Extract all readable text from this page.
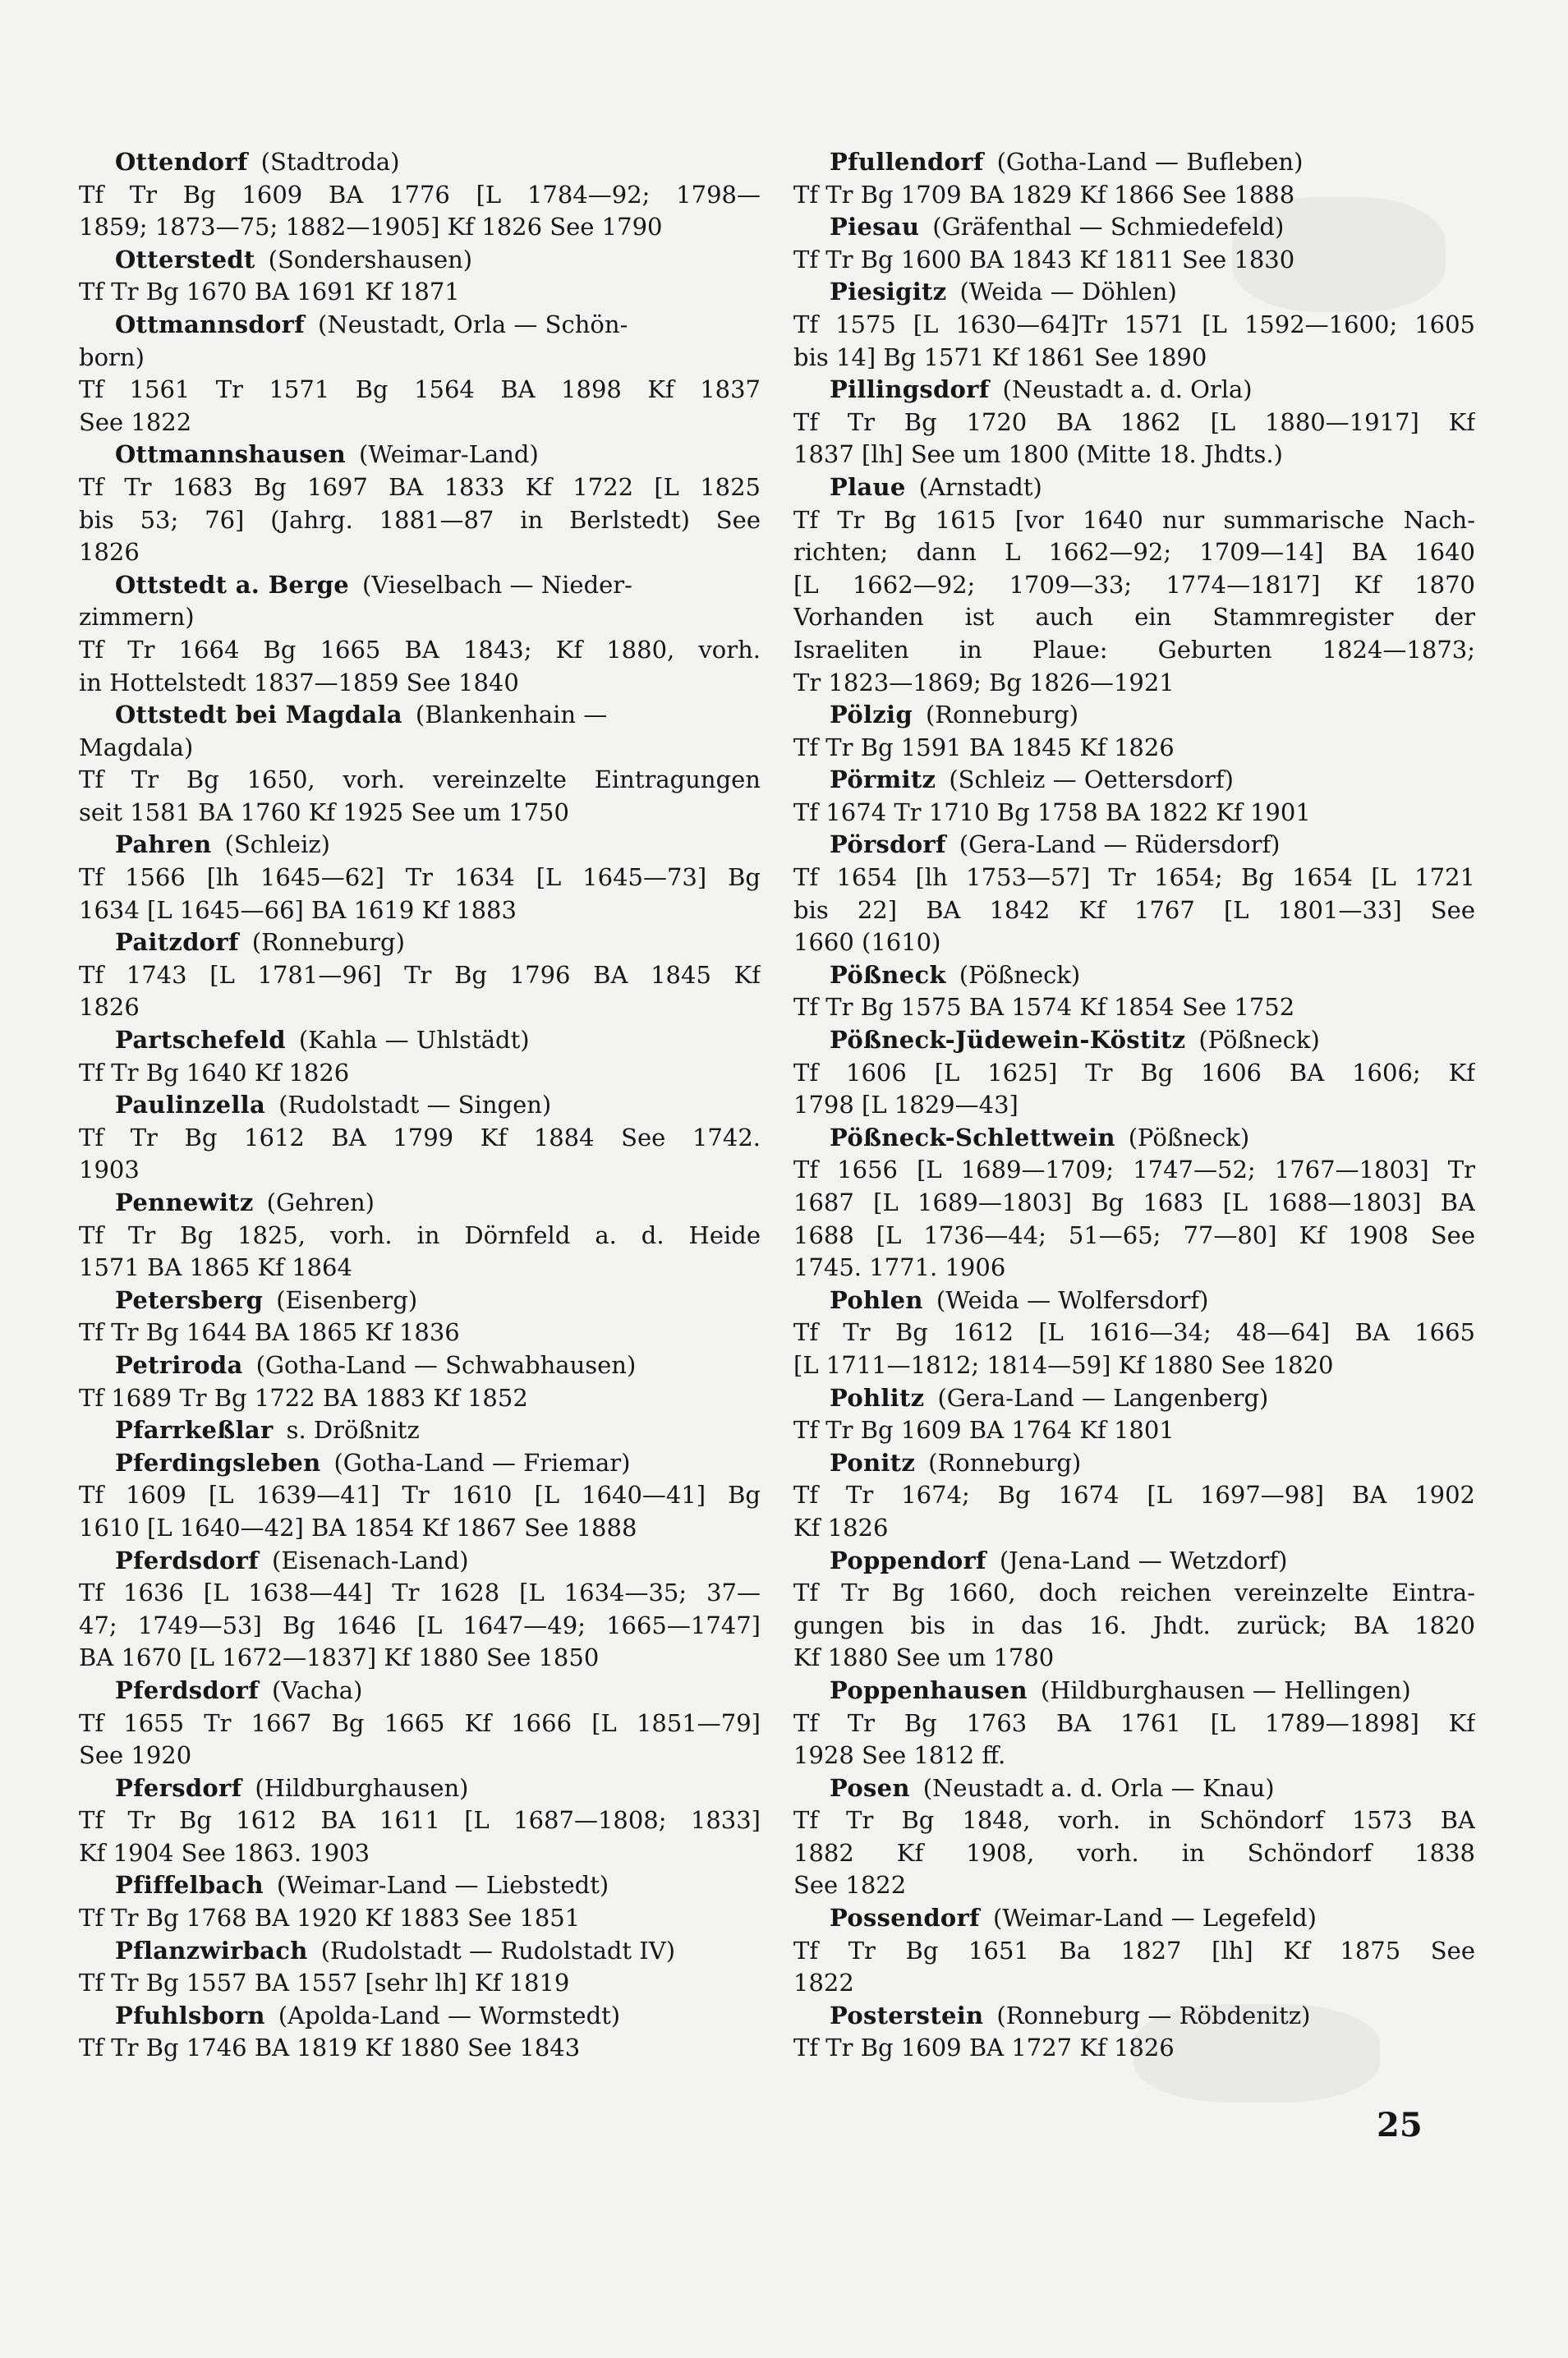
Ottendorf (Stadtroda)
Tf Tr Bg 1609 BA 1776 [L 1784—92; 1798—
1859; 1873—75; 1882—1905] Kf 1826 See 1790
Otterstedt (Sondershausen)
Tf Tr Bg 1670 BA 1691 Kf 1871
Ottmannsdorf (Neustadt, Orla — Schön-
born)
Tf 1561 Tr 1571 Bg 1564 BA 1898 Kf 1837
See 1822
Ottmannshausen (Weimar-Land)
Tf Tr 1683 Bg 1697 BA 1833 Kf 1722 [L 1825
bis 53; 76] (Jahrg. 1881—87 in Berlstedt) See
1826
Ottstedt a. Berge (Vieselbach — Nieder-
zimmern)
Tf Tr 1664 Bg 1665 BA 1843; Kf 1880, vorh.
in Hottelstedt 1837—1859 See 1840
Ottstedt bei Magdala (Blankenhain —
Magdala)
Tf Tr Bg 1650, vorh. vereinzelte Eintragungen
seit 1581 BA 1760 Kf 1925 See um 1750
Pahren (Schleiz)
Tf 1566 [lh 1645—62] Tr 1634 [L 1645—73] Bg
1634 [L 1645—66] BA 1619 Kf 1883
Paitzdorf (Ronneburg)
Tf 1743 [L 1781—96] Tr Bg 1796 BA 1845 Kf
1826
Partschefeld (Kahla — Uhlstädt)
Tf Tr Bg 1640 Kf 1826
Paulinzella (Rudolstadt — Singen)
Tf Tr Bg 1612 BA 1799 Kf 1884 See 1742.
1903
Pennewitz (Gehren)
Tf Tr Bg 1825, vorh. in Dörnfeld a. d. Heide
1571 BA 1865 Kf 1864
Petersberg (Eisenberg)
Tf Tr Bg 1644 BA 1865 Kf 1836
Petriroda (Gotha-Land — Schwabhausen)
Tf 1689 Tr Bg 1722 BA 1883 Kf 1852
Pfarrkeßlar s. Drößnitz
Pferdingsleben (Gotha-Land — Friemar)
Tf 1609 [L 1639—41] Tr 1610 [L 1640—41] Bg
1610 [L 1640—42] BA 1854 Kf 1867 See 1888
Pferdsdorf (Eisenach-Land)
Tf 1636 [L 1638—44] Tr 1628 [L 1634—35; 37—
47; 1749—53] Bg 1646 [L 1647—49; 1665—1747]
BA 1670 [L 1672—1837] Kf 1880 See 1850
Pferdsdorf (Vacha)
Tf 1655 Tr 1667 Bg 1665 Kf 1666 [L 1851—79]
See 1920
Pfersdorf (Hildburghausen)
Tf Tr Bg 1612 BA 1611 [L 1687—1808; 1833]
Kf 1904 See 1863. 1903
Pfiffelbach (Weimar-Land — Liebstedt)
Tf Tr Bg 1768 BA 1920 Kf 1883 See 1851
Pflanzwirbach (Rudolstadt — Rudolstadt IV)
Tf Tr Bg 1557 BA 1557 [sehr lh] Kf 1819
Pfuhlsborn (Apolda-Land — Wormstedt)
Tf Tr Bg 1746 BA 1819 Kf 1880 See 1843
Pfullendorf (Gotha-Land — Bufleben)
Tf Tr Bg 1709 BA 1829 Kf 1866 See 1888
Piesau (Gräfenthal — Schmiedefeld)
Tf Tr Bg 1600 BA 1843 Kf 1811 See 1830
Piesigitz (Weida — Döhlen)
Tf 1575 [L 1630—64]Tr 1571 [L 1592—1600; 1605
bis 14] Bg 1571 Kf 1861 See 1890
Pillingsdorf (Neustadt a. d. Orla)
Tf Tr Bg 1720 BA 1862 [L 1880—1917] Kf
1837 [lh] See um 1800 (Mitte 18. Jhdts.)
Plaue (Arnstadt)
Tf Tr Bg 1615 [vor 1640 nur summarische Nach-
richten; dann L 1662—92; 1709—14] BA 1640
[L 1662—92; 1709—33; 1774—1817] Kf 1870
Vorhanden ist auch ein Stammregister der
Israeliten in Plaue: Geburten 1824—1873;
Tr 1823—1869; Bg 1826—1921
Pölzig (Ronneburg)
Tf Tr Bg 1591 BA 1845 Kf 1826
Pörmitz (Schleiz — Oettersdorf)
Tf 1674 Tr 1710 Bg 1758 BA 1822 Kf 1901
Pörsdorf (Gera-Land — Rüdersdorf)
Tf 1654 [lh 1753—57] Tr 1654; Bg 1654 [L 1721
bis 22] BA 1842 Kf 1767 [L 1801—33] See
1660 (1610)
Pößneck (Pößneck)
Tf Tr Bg 1575 BA 1574 Kf 1854 See 1752
Pößneck-Jüdewein-Köstitz (Pößneck)
Tf 1606 [L 1625] Tr Bg 1606 BA 1606; Kf
1798 [L 1829—43]
Pößneck-Schlettwein (Pößneck)
Tf 1656 [L 1689—1709; 1747—52; 1767—1803] Tr
1687 [L 1689—1803] Bg 1683 [L 1688—1803] BA
1688 [L 1736—44; 51—65; 77—80] Kf 1908 See
1745. 1771. 1906
Pohlen (Weida — Wolfersdorf)
Tf Tr Bg 1612 [L 1616—34; 48—64] BA 1665
[L 1711—1812; 1814—59] Kf 1880 See 1820
Pohlitz (Gera-Land — Langenberg)
Tf Tr Bg 1609 BA 1764 Kf 1801
Ponitz (Ronneburg)
Tf Tr 1674; Bg 1674 [L 1697—98] BA 1902
Kf 1826
Poppendorf (Jena-Land — Wetzdorf)
Tf Tr Bg 1660, doch reichen vereinzelte Eintra-
gungen bis in das 16. Jhdt. zurück; BA 1820
Kf 1880 See um 1780
Poppenhausen (Hildburghausen — Hellingen)
Tf Tr Bg 1763 BA 1761 [L 1789—1898] Kf
1928 See 1812 ff.
Posen (Neustadt a. d. Orla — Knau)
Tf Tr Bg 1848, vorh. in Schöndorf 1573 BA
1882 Kf 1908, vorh. in Schöndorf 1838
See 1822
Possendorf (Weimar-Land — Legefeld)
Tf Tr Bg 1651 Ba 1827 [lh] Kf 1875 See
1822
Posterstein (Ronneburg — Röbdenitz)
Tf Tr Bg 1609 BA 1727 Kf 1826
25
